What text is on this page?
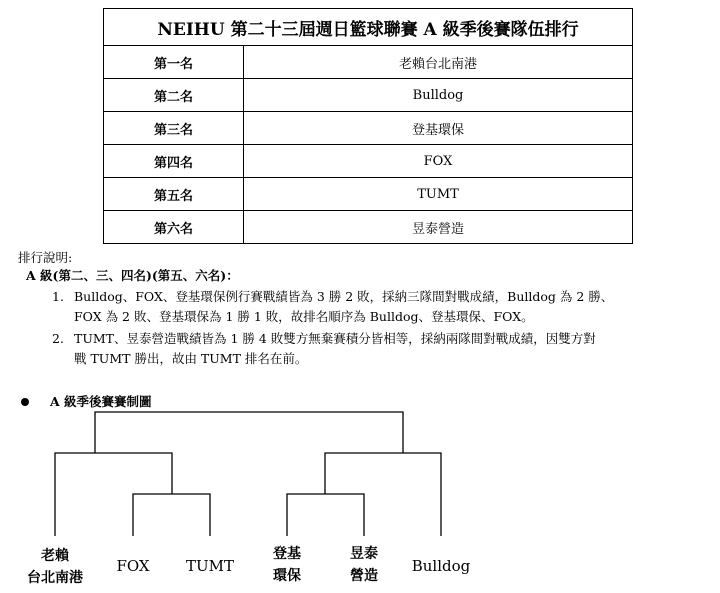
NEIHU 第二十三屆週日籃球聯賽 A 級季後賽隊伍排行	
第一名	老賴台北南港
第二名	Bulldog
第三名	登基環保
第四名	FOX
第五名	TUMT
第六名	昱泰營造
排行說明:
A 級(第二、三、四名)(第五、六名)：
1. Bulldog、FOX、登基環保例行賽戰績皆為 3 勝 2 敗，採納三隊間對戰成績，Bulldog 為 2 勝、
FOX 為 2 敗、登基環保為 1 勝 1 敗，故排名順序為 Bulldog、登基環保、FOX。
2. TUMT、昱泰營造戰績皆為 1 勝 4 敗雙方無棄賽積分皆相等，採納兩隊間對戰成績，因雙方對
戰 TUMT 勝出，故由 TUMT 排名在前。
A 級季後賽賽制圖
老賴
台北南港
FOX TUMT
登基
環保
昱泰
營造
Bulldog
